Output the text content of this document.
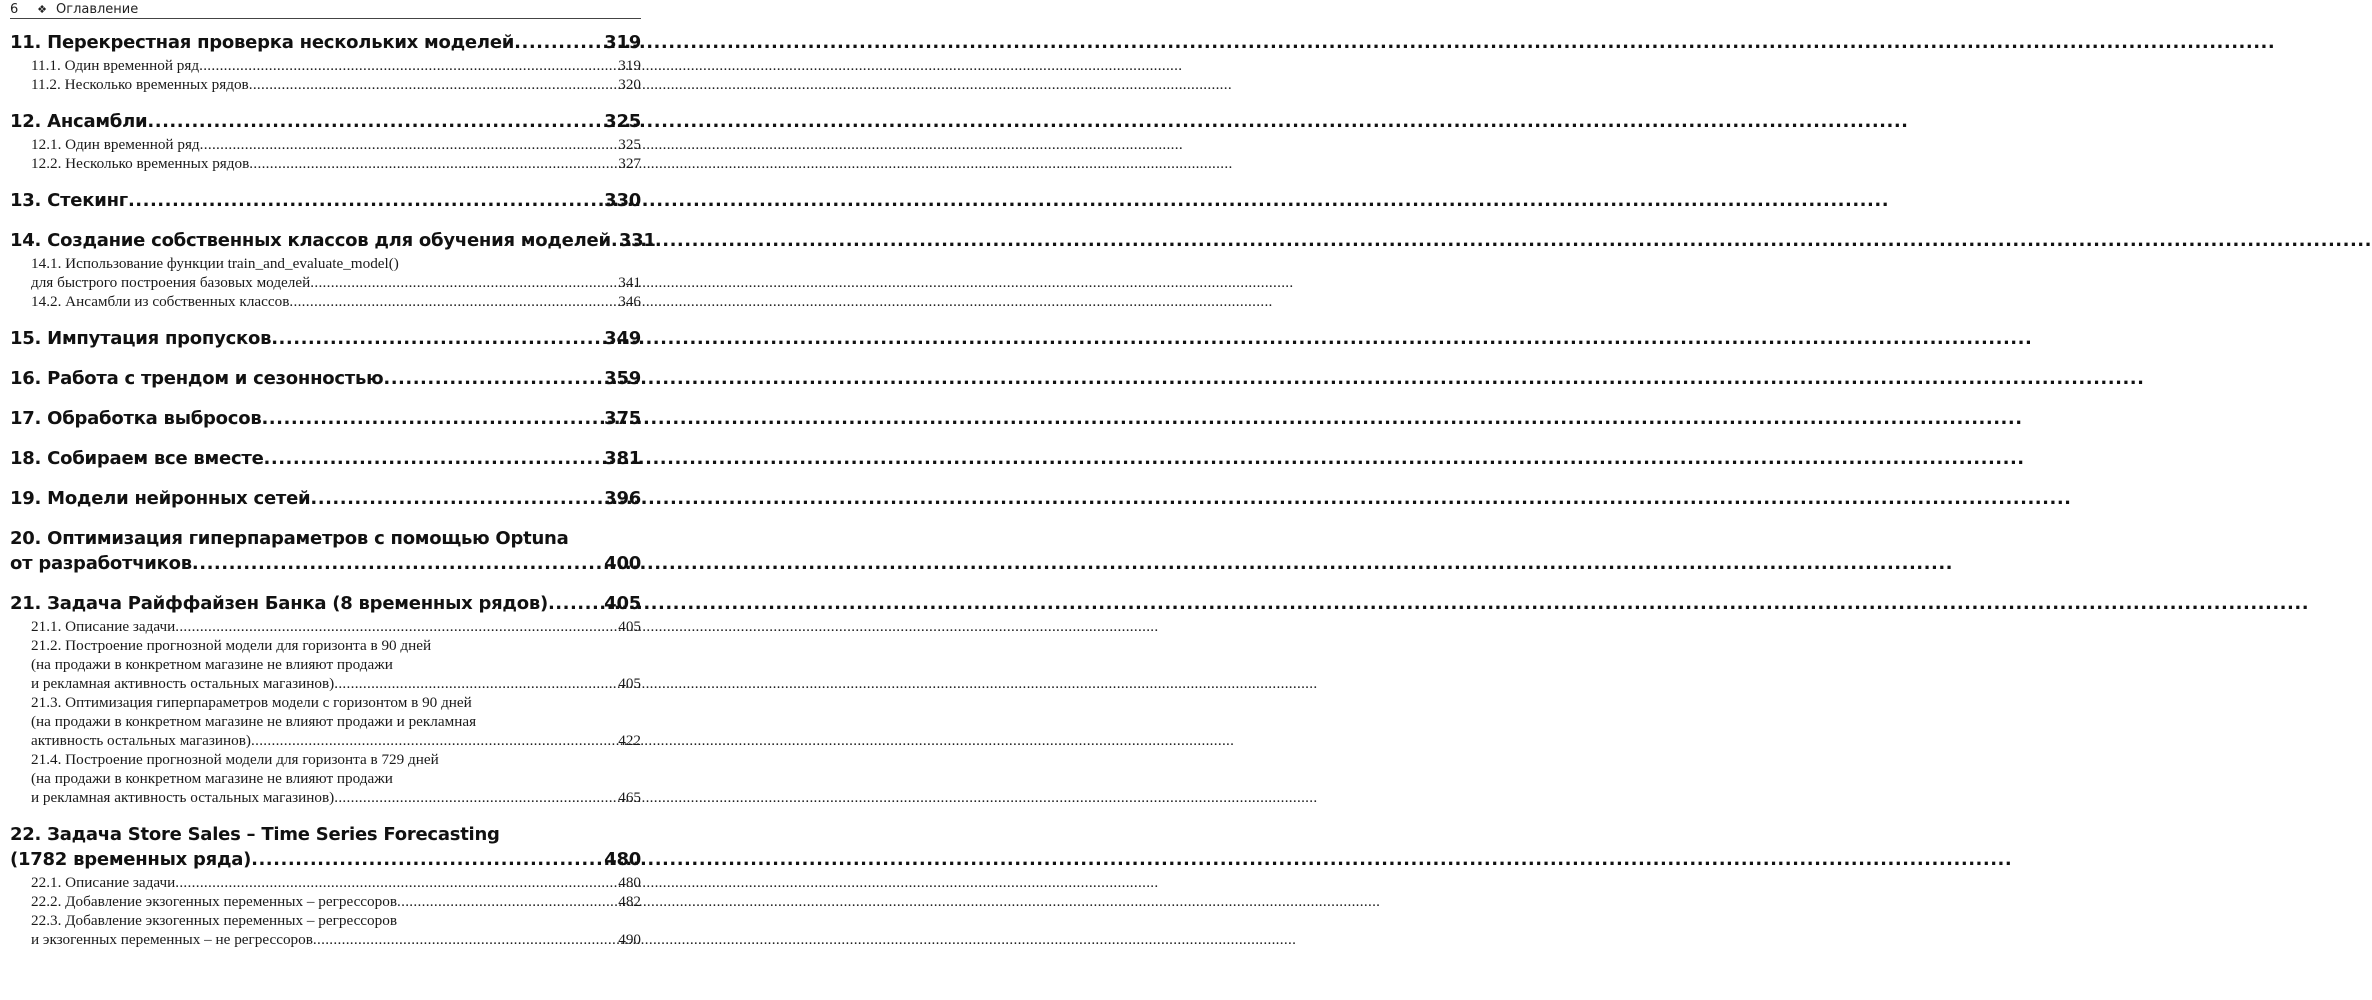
6	❖ Оглавление
11. Перекрестная проверка нескольких моделей .....	319
11.1. Один временной ряд .....	319
11.2. Несколько временных рядов .....	320
12. Ансамбли .....	325
12.1. Один временной ряд .....	325
12.2. Несколько временных рядов .....	327
13. Стекинг .....	330
14. Создание собственных классов для обучения моделей ..... 331
14.1. Использование функции train_and_evaluate_model()
для быстрого построения базовых моделей .....	341
14.2. Ансамбли из собственных классов .....	346
15. Импутация пропусков .....	349
16. Работа с трендом и сезонностью .....	359
17. Обработка выбросов .....	375
18. Собираем все вместе .....	381
19. Модели нейронных сетей .....	396
20. Оптимизация гиперпараметров с помощью Optuna
от разработчиков .....	400
21. Задача Райффайзен Банка (8 временных рядов) .....	405
21.1. Описание задачи .....	405
21.2. Построение прогнозной модели для горизонта в 90 дней
(на продажи в конкретном магазине не влияют продажи
и рекламная активность остальных магазинов) .....	405
21.3. Оптимизация гиперпараметров модели с горизонтом в 90 дней
(на продажи в конкретном магазине не влияют продажи и рекламная
активность остальных магазинов) .....	422
21.4. Построение прогнозной модели для горизонта в 729 дней
(на продажи в конкретном магазине не влияют продажи
и рекламная активность остальных магазинов) .....	465
22. Задача Store Sales – Time Series Forecasting
(1782 временных ряда) .....	480
22.1. Описание задачи .....	480
22.2. Добавление экзогенных переменных – регрессоров .....	482
22.3. Добавление экзогенных переменных – регрессоров
и экзогенных переменных – не регрессоров .....	490
